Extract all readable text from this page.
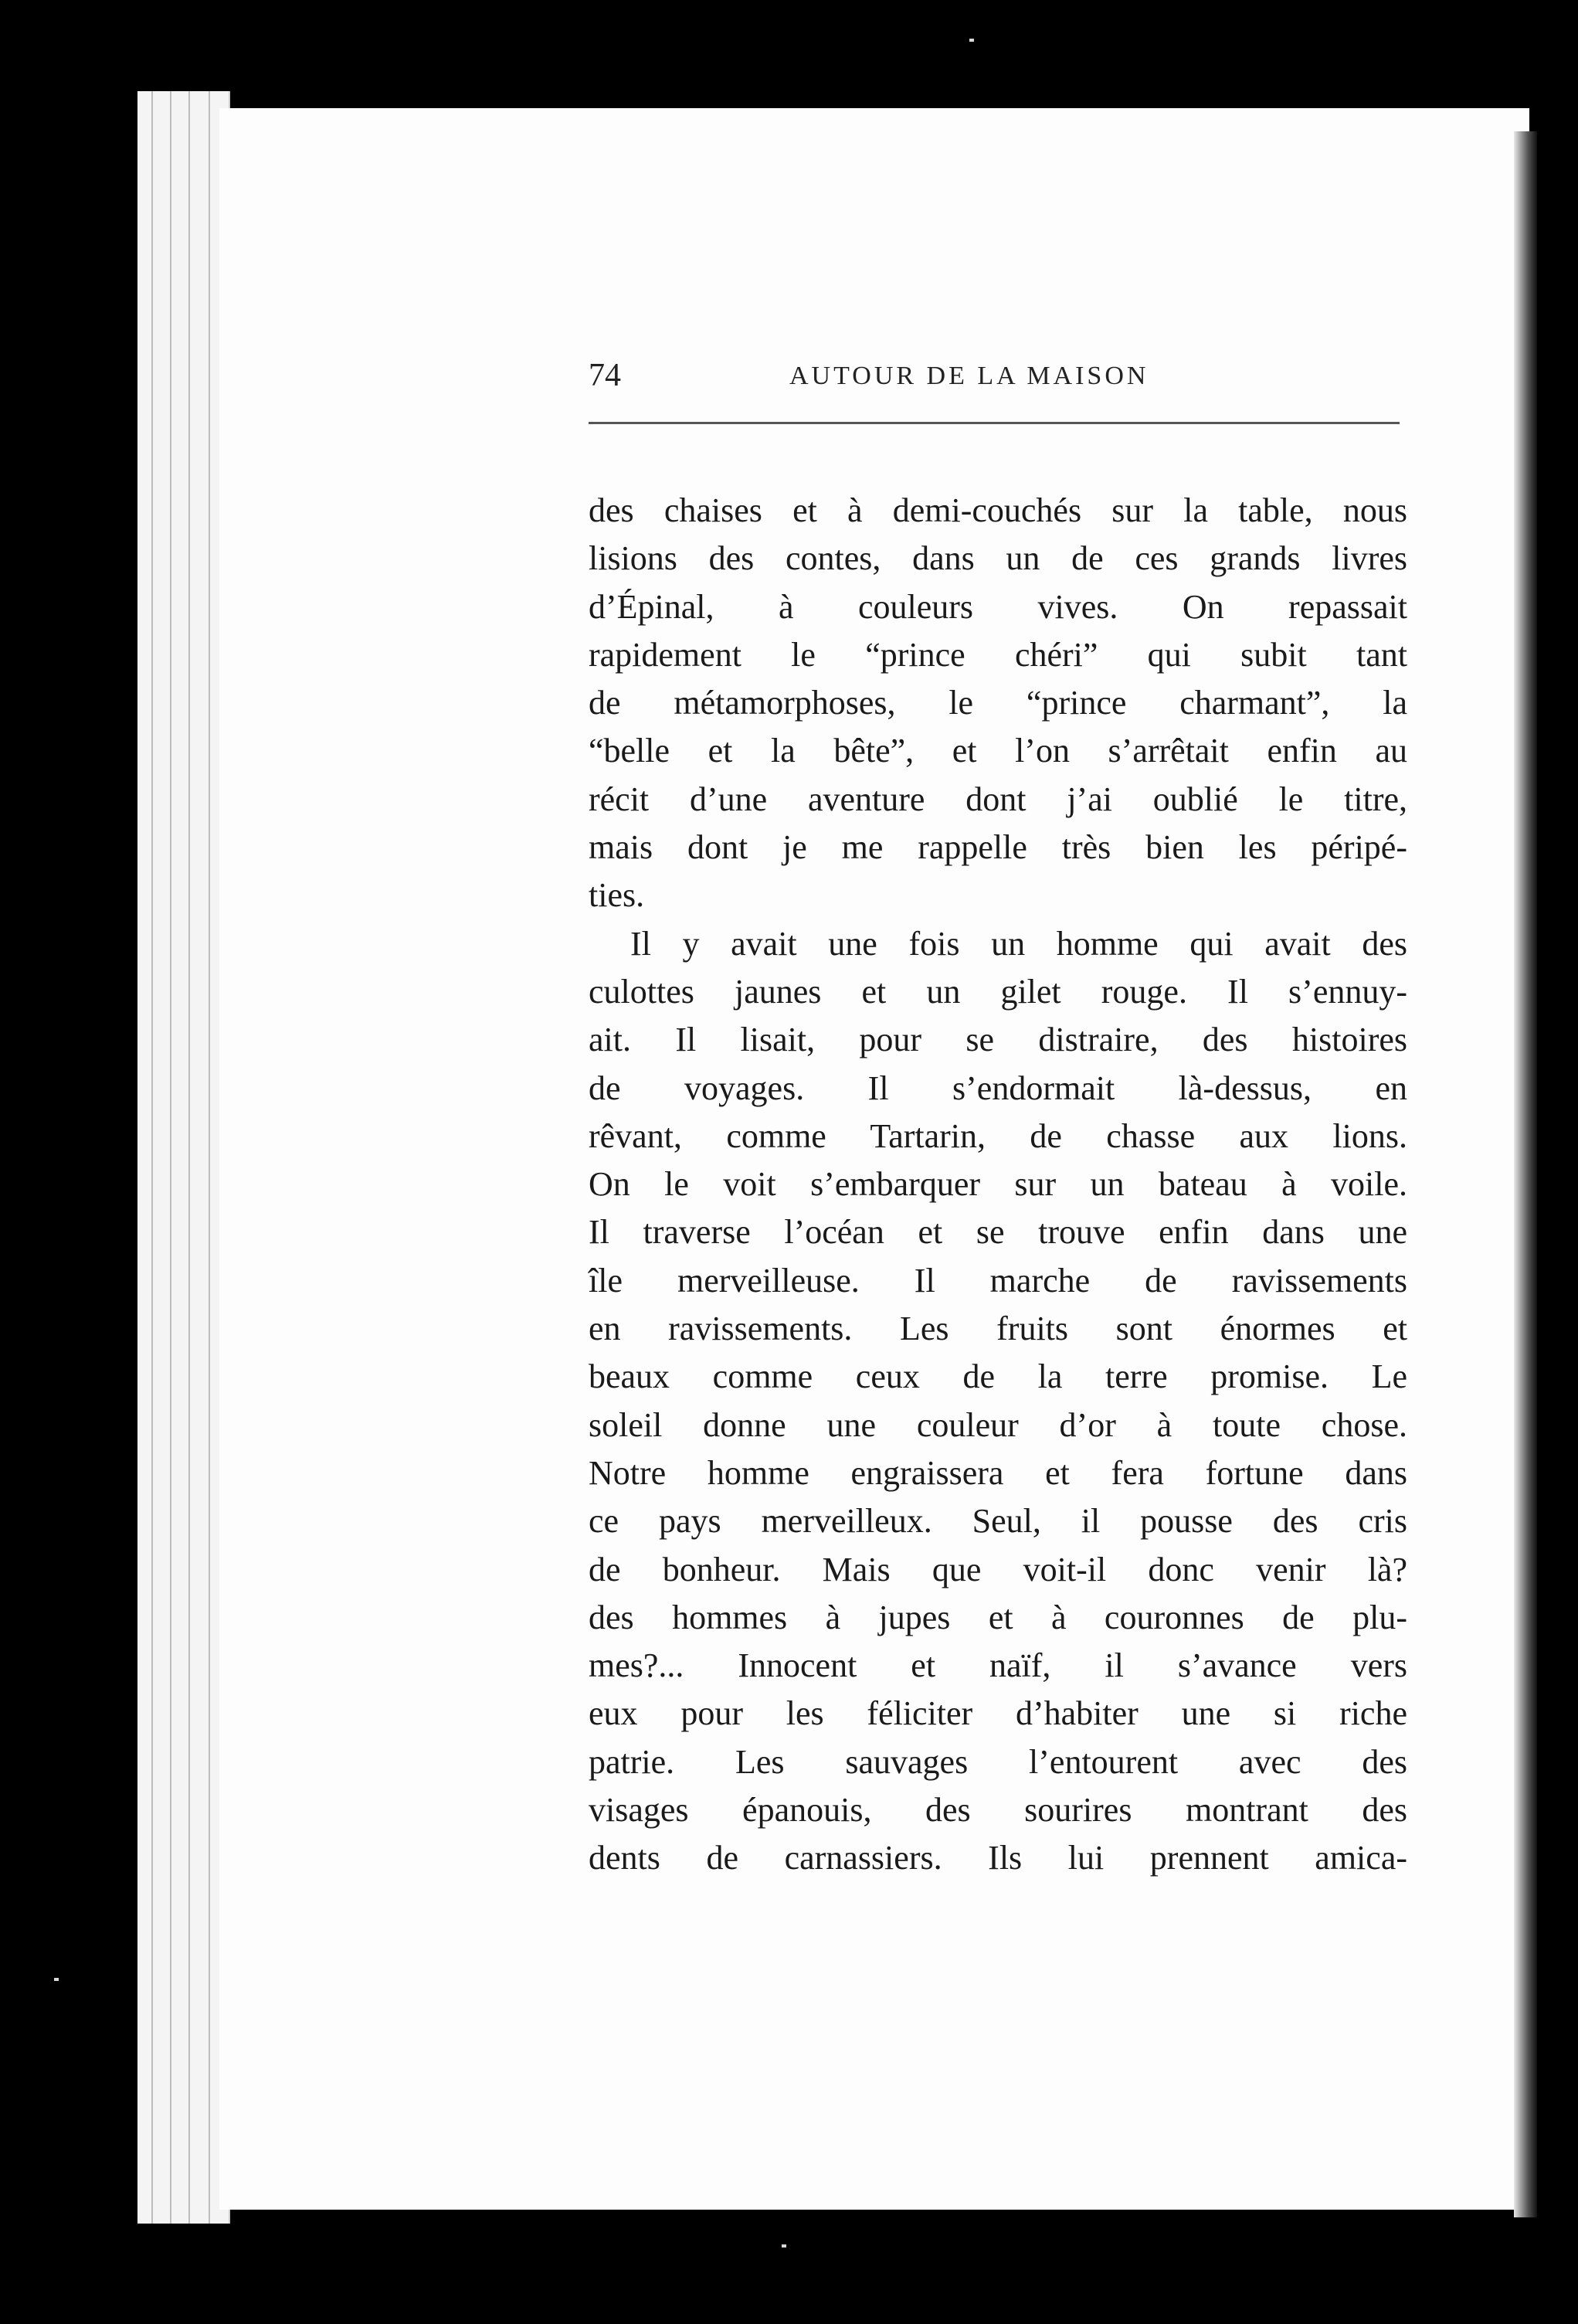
74	AUTOUR DE LA MAISON
des chaises et à demi-couchés sur la table, nous
lisions des contes, dans un de ces grands livres
d’Épinal, à couleurs vives. On repassait
rapidement le “prince chéri” qui subit tant
de métamorphoses, le “prince charmant”, la
“belle et la bête”, et l’on s’arrêtait enfin au
récit d’une aventure dont j’ai oublié le titre,
mais dont je me rappelle très bien les péripé-
ties.
Il y avait une fois un homme qui avait des
culottes jaunes et un gilet rouge. Il s’ennuy-
ait. Il lisait, pour se distraire, des histoires
de voyages. Il s’endormait là-dessus, en
rêvant, comme Tartarin, de chasse aux lions.
On le voit s’embarquer sur un bateau à voile.
Il traverse l’océan et se trouve enfin dans une
île merveilleuse. Il marche de ravissements
en ravissements. Les fruits sont énormes et
beaux comme ceux de la terre promise. Le
soleil donne une couleur d’or à toute chose.
Notre homme engraissera et fera fortune dans
ce pays merveilleux. Seul, il pousse des cris
de bonheur. Mais que voit-il donc venir là?
des hommes à jupes et à couronnes de plu-
mes?... Innocent et naïf, il s’avance vers
eux pour les féliciter d’habiter une si riche
patrie. Les sauvages l’entourent avec des
visages épanouis, des sourires montrant des
dents de carnassiers. Ils lui prennent amica-
